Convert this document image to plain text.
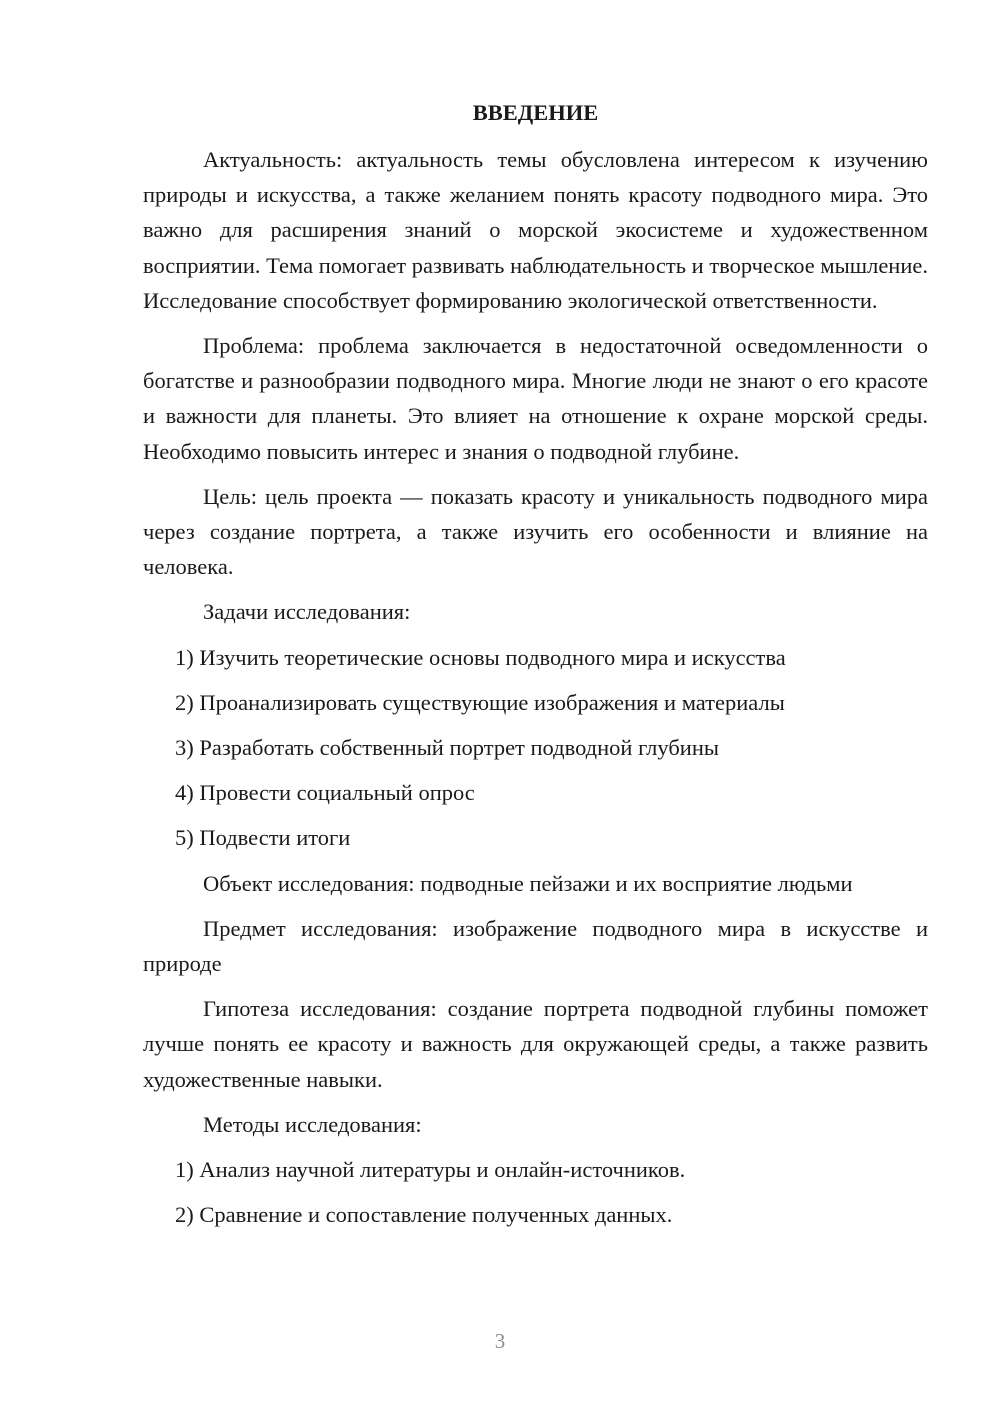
ВВЕДЕНИЕ

Актуальность: актуальность темы обусловлена интересом к изучению природы и искусства, а также желанием понять красоту подводного мира. Это важно для расширения знаний о морской экосистеме и художественном восприятии. Тема помогает развивать наблюдательность и творческое мышление. Исследование способствует формированию экологической ответственности.

Проблема: проблема заключается в недостаточной осведомленности о богатстве и разнообразии подводного мира. Многие люди не знают о его красоте и важности для планеты. Это влияет на отношение к охране морской среды. Необходимо повысить интерес и знания о подводной глубине.

Цель: цель проекта — показать красоту и уникальность подводного мира через создание портрета, а также изучить его особенности и влияние на человека.

Задачи исследования:
1) Изучить теоретические основы подводного мира и искусства
2) Проанализировать существующие изображения и материалы
3) Разработать собственный портрет подводной глубины
4) Провести социальный опрос
5) Подвести итоги
Объект исследования: подводные пейзажи и их восприятие людьми

Предмет исследования: изображение подводного мира в искусстве и природе

Гипотеза исследования: создание портрета подводной глубины поможет лучше понять ее красоту и важность для окружающей среды, а также развить художественные навыки.

Методы исследования:
1) Анализ научной литературы и онлайн-источников.
2) Сравнение и сопоставление полученных данных.
3
